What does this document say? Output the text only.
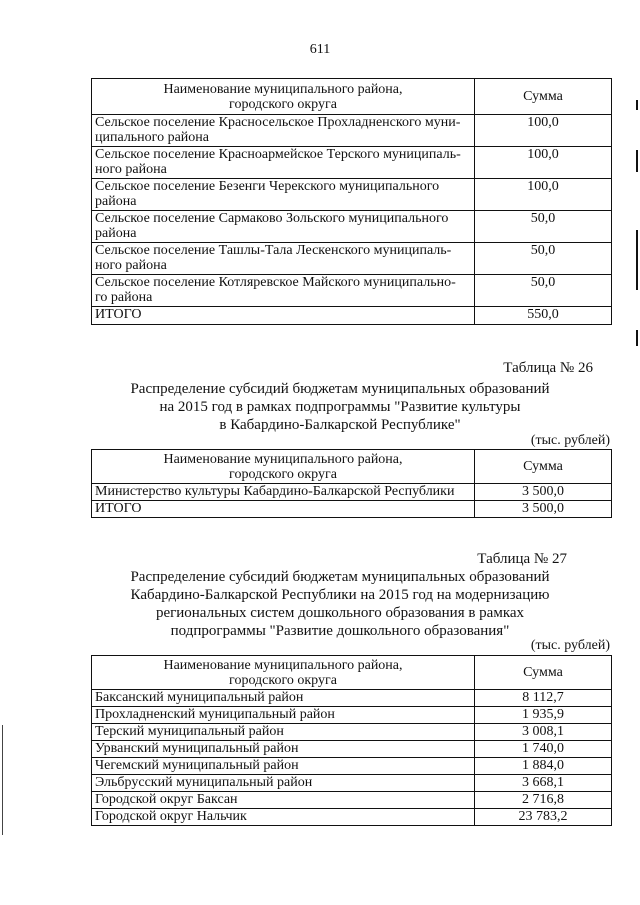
611
Наименование муниципального района,
городского округа	Сумма
Сельское поселение Красносельское Прохладненского муни-
ципального района	100,0
Сельское поселение Красноармейское Терского муниципаль-
ного района	100,0
Сельское поселение Безенги Черекского муниципального
района	100,0
Сельское поселение Сармаково Зольского муниципального
района	50,0
Сельское поселение Ташлы-Тала Лескенского муниципаль-
ного района	50,0
Сельское поселение Котляревское Майского муниципально-
го района	50,0
ИТОГО	550,0
Таблица № 26
Распределение субсидий бюджетам муниципальных образований
на 2015 год в рамках подпрограммы "Развитие культуры
в Кабардино-Балкарской Республике"
(тыс. рублей)
Наименование муниципального района,
городского округа	Сумма
Министерство культуры Кабардино-Балкарской Республики	3 500,0
ИТОГО	3 500,0
Таблица № 27
Распределение субсидий бюджетам муниципальных образований
Кабардино-Балкарской Республики на 2015 год на модернизацию
региональных систем дошкольного образования в рамках
подпрограммы "Развитие дошкольного образования"
(тыс. рублей)
Наименование муниципального района,
городского округа	Сумма
Баксанский муниципальный район	8 112,7
Прохладненский муниципальный район	1 935,9
Терский муниципальный район	3 008,1
Урванский муниципальный район	1 740,0
Чегемский муниципальный район	1 884,0
Эльбрусский муниципальный район	3 668,1
Городской округ Баксан	2 716,8
Городской округ Нальчик	23 783,2
